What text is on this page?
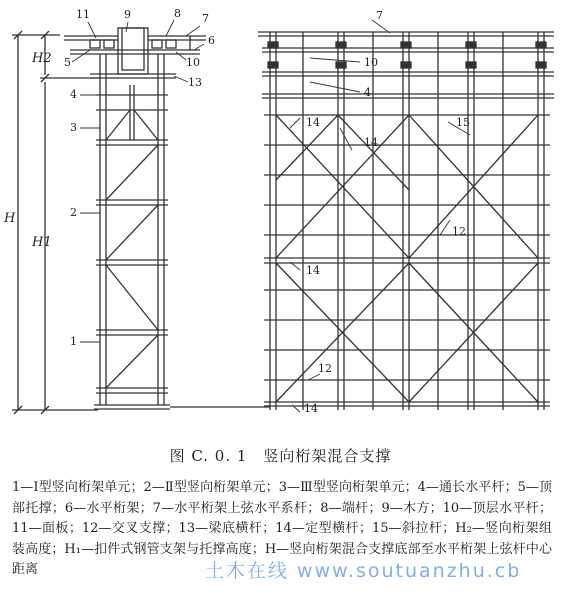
11	9	8 7
6
5	10
13
4
3
2
1
7
10
4
14	15
14
12
14
12
14
H
H1
H2
图 C. 0. 1　竖向桁架混合支撑
1—Ⅰ型竖向桁架单元；2—Ⅱ型竖向桁架单元；3—Ⅲ型竖向桁架单元；4—通长水平杆；5—顶部托撑；6—水平桁架；7—水平桁架上弦水平系杆；8—端杆；9—木方；10—顶层水平杆；11—面板；12—交叉支撑；13—梁底横杆；14—定型横杆；15—斜拉杆；H₂—竖向桁架组装高度；H₁—扣件式钢管支架与托撑高度；H—竖向桁架混合支撑底部至水平桁架上弦杆中心距离	土木在线 www.soutuanzhu.cb
